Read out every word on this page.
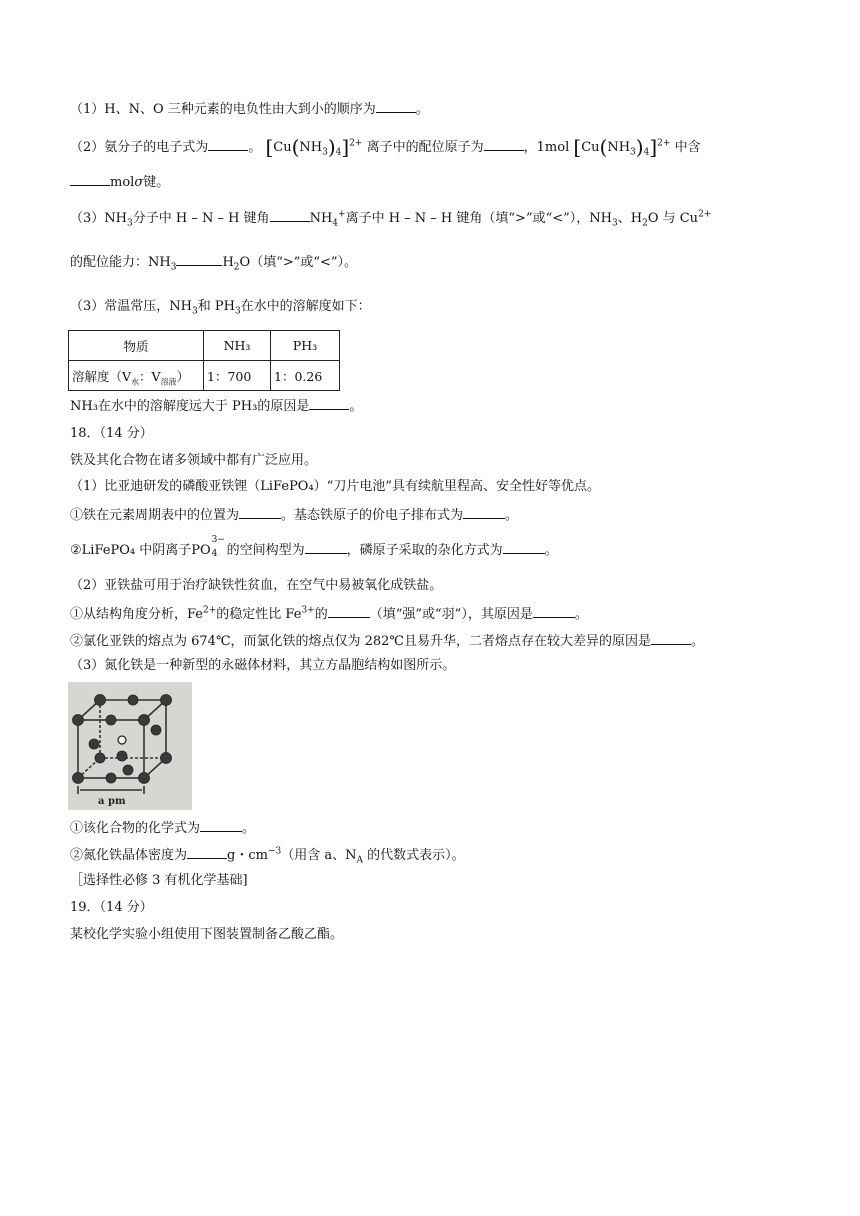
（1）H、N、O 三种元素的电负性由大到小的顺序为	。
（2）氨分子的电子式为	。 $[Cu(NH_3)_4]^{2+}$ 离子中的配位原子为	，1mol $[Cu(NH_3)_4]^{2+}$ 中含
molσ键。
$(3)NH_3$分子中 H – N – H 键角	$NH_4^+$离子中 H – N – H 键角（填“>”或“<”），$NH_3$、$H_2O$ 与 $Cu^{2+}$
的配位能力：$NH_3$	$H_2O$（填“>”或“<”）。
（3）常温常压，$NH_3$和 $PH_3$在水中的溶解度如下：
物质	NH₃	PH₃
溶解度（$V_水$：$V_{溶液}$）	1：700	1：0.26
NH₃在水中的溶解度远大于 PH₃的原因是	。
18．（14 分）
铁及其化合物在诸多领域中都有广泛应用。
（1）比亚迪研发的磷酸亚铁锂（LiFePO₄）“刀片电池”具有续航里程高、安全性好等优点。
①铁在元素周期表中的位置为	。基态铁原子的价电子排布式为	。
②LiFePO₄ 中阴离子PO
3−
4 的空间构型为	，磷原子采取的杂化方式为	。
（2）亚铁盐可用于治疗缺铁性贫血，在空气中易被氧化成铁盐。
①从结构角度分析，$Fe^{2+}$的稳定性比 $Fe^{3+}$的	（填“强”或“羽”），其原因是	。
②氯化亚铁的熔点为 674℃，而氯化铁的熔点仅为 282℃且易升华，二者熔点存在较大差异的原因是	。
（3）氮化铁是一种新型的永磁体材料，其立方晶胞结构如图所示。
a pm
①该化合物的化学式为	。
②氮化铁晶体密度为	g・$cm^{-3}$（用含 a、$N_A$ 的代数式表示）。
［选择性必修 3 有机化学基础]
19．（14 分）
某校化学实验小组使用下图装置制备乙酸乙酯。
